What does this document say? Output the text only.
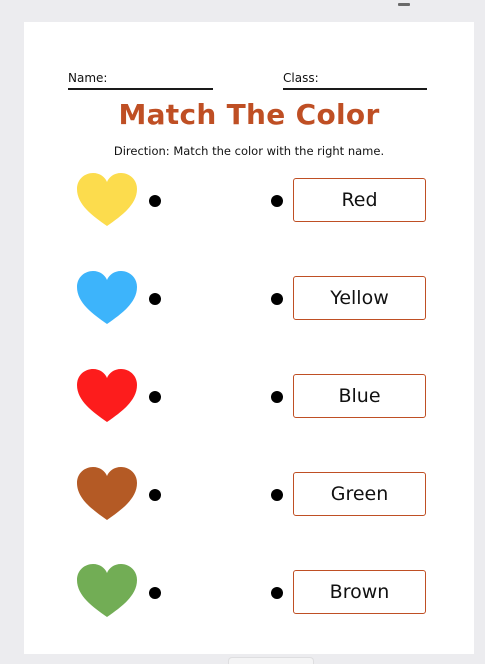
Name:	Class:
Match The Color
Direction: Match the color with the right name.
Red
Yellow
Blue
Green
Brown
